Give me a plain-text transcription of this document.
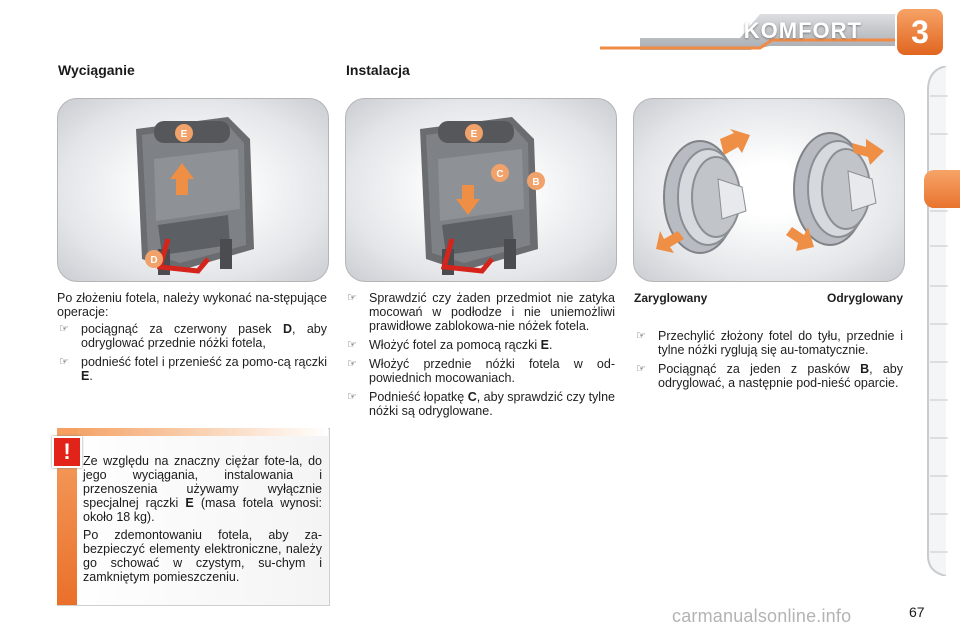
KOMFORT	3
Wyciąganie	Instalacja
E
D
E
C
B

Po złożeniu fotela, należy wykonać na-stępujące operacje:

☞ pociągnąć za czerwony pasek D, aby odryglować przednie nóżki fotela,
☞ podnieść fotel i przenieść za pomo-cą rączki E.
☞ Sprawdzić czy żaden przedmiot nie zatyka mocowań w podłodze i nie uniemożliwi prawidłowe zablokowa-nie nóżek fotela.
☞ Włożyć fotel za pomocą rączki E.
☞ Włożyć przednie nóżki fotela w od-powiednich mocowaniach.
☞ Podnieść łopatkę C, aby sprawdzić czy tylne nóżki są odryglowane.
Zaryglowany	Odryglowany
☞ Przechylić złożony fotel do tyłu, przednie i tylne nóżki ryglują się au-tomatycznie.
☞ Pociągnąć za jeden z pasków B, aby odryglować, a następnie pod-nieść oparcie.
! Ze względu na znaczny ciężar fote-la, do jego wyciągania, instalowania i przenoszenia używamy wyłącznie specjalnej rączki E (masa fotela wynosi: około 18 kg).

Po zdemontowaniu fotela, aby za-bezpieczyć elementy elektroniczne, należy go schować w czystym, su-chym i zamkniętym pomieszczeniu.

67
carmanualsonline.info
